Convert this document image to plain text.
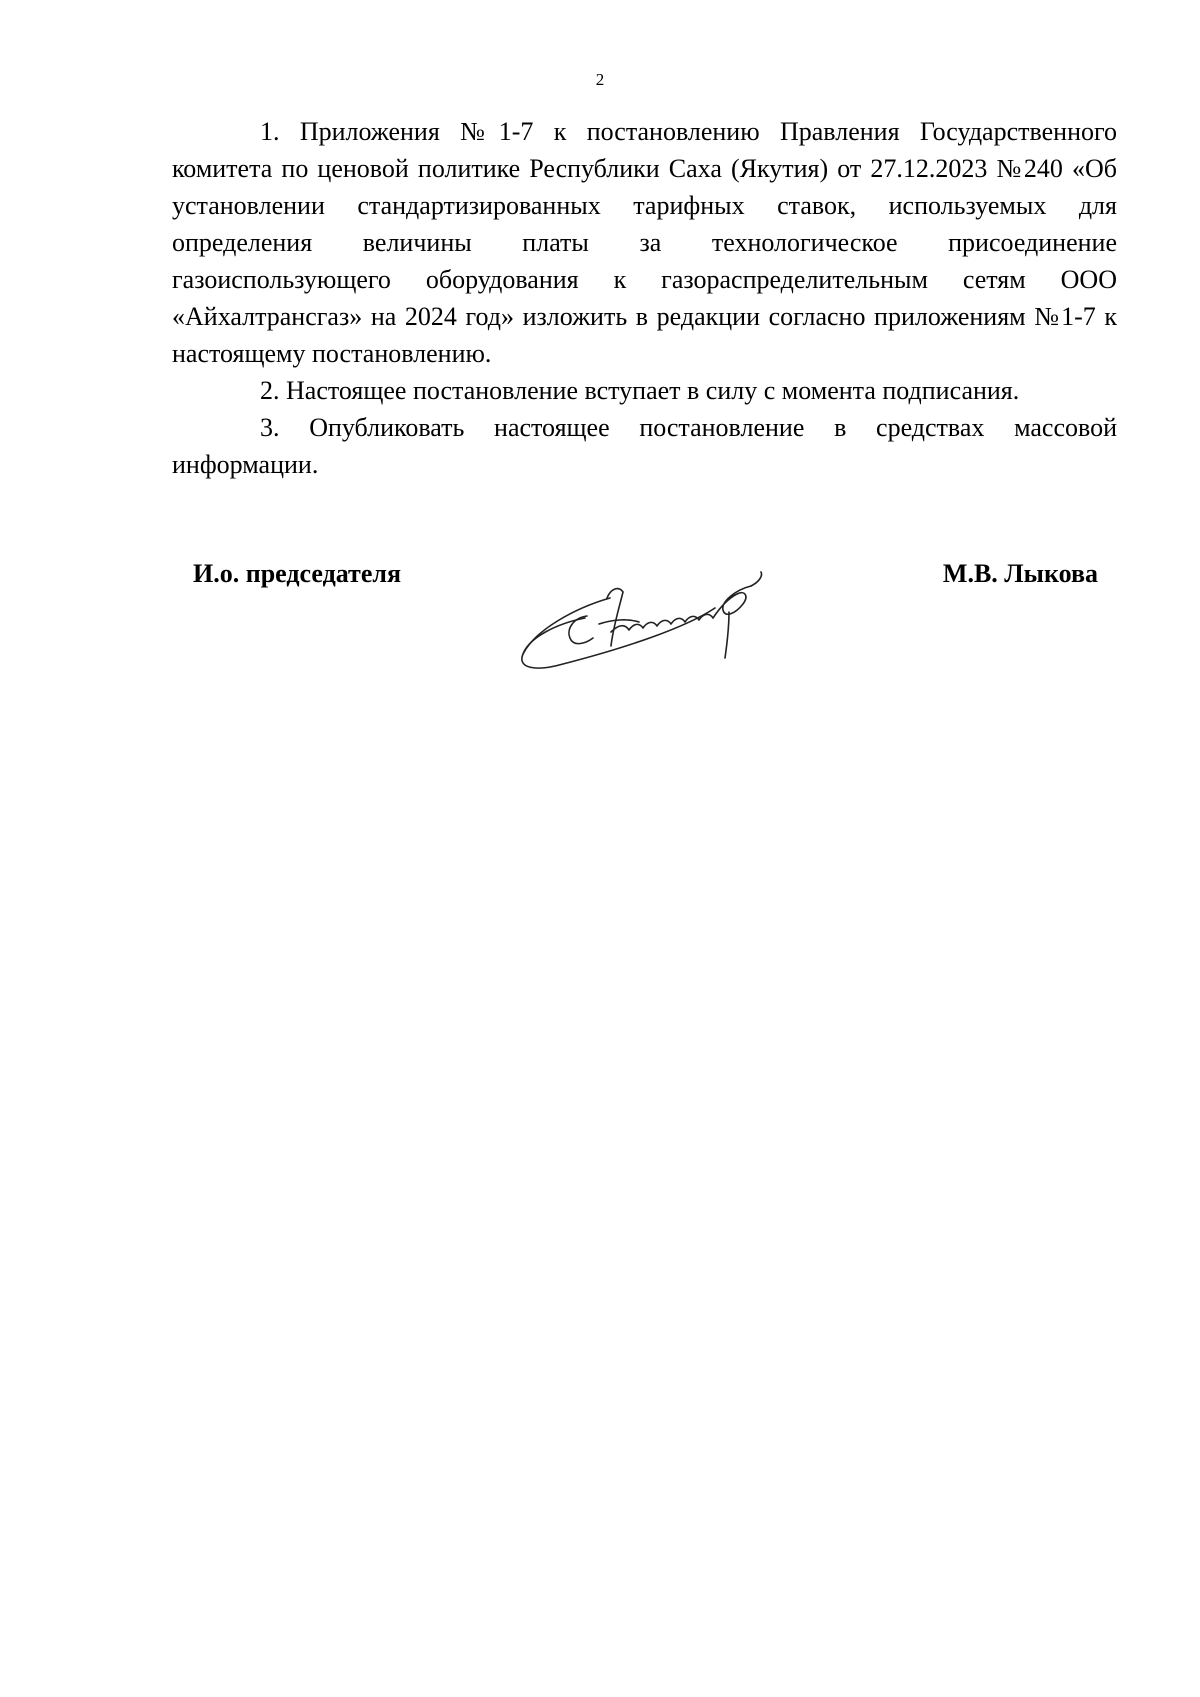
2

1. Приложения №1-7 к постановлению Правления Государственного комитета по ценовой политике Республики Саха (Якутия) от 27.12.2023 №240 «Об установлении стандартизированных тарифных ставок, используемых для определения величины платы за технологическое присоединение газоиспользующего оборудования к газораспределительным сетям ООО «Айхалтрансгаз» на 2024 год» изложить в редакции согласно приложениям №1-7 к настоящему постановлению.

2. Настоящее постановление вступает в силу с момента подписания.

3. Опубликовать настоящее постановление в средствах массовой информации.

И.о. председателя	М.В. Лыкова
